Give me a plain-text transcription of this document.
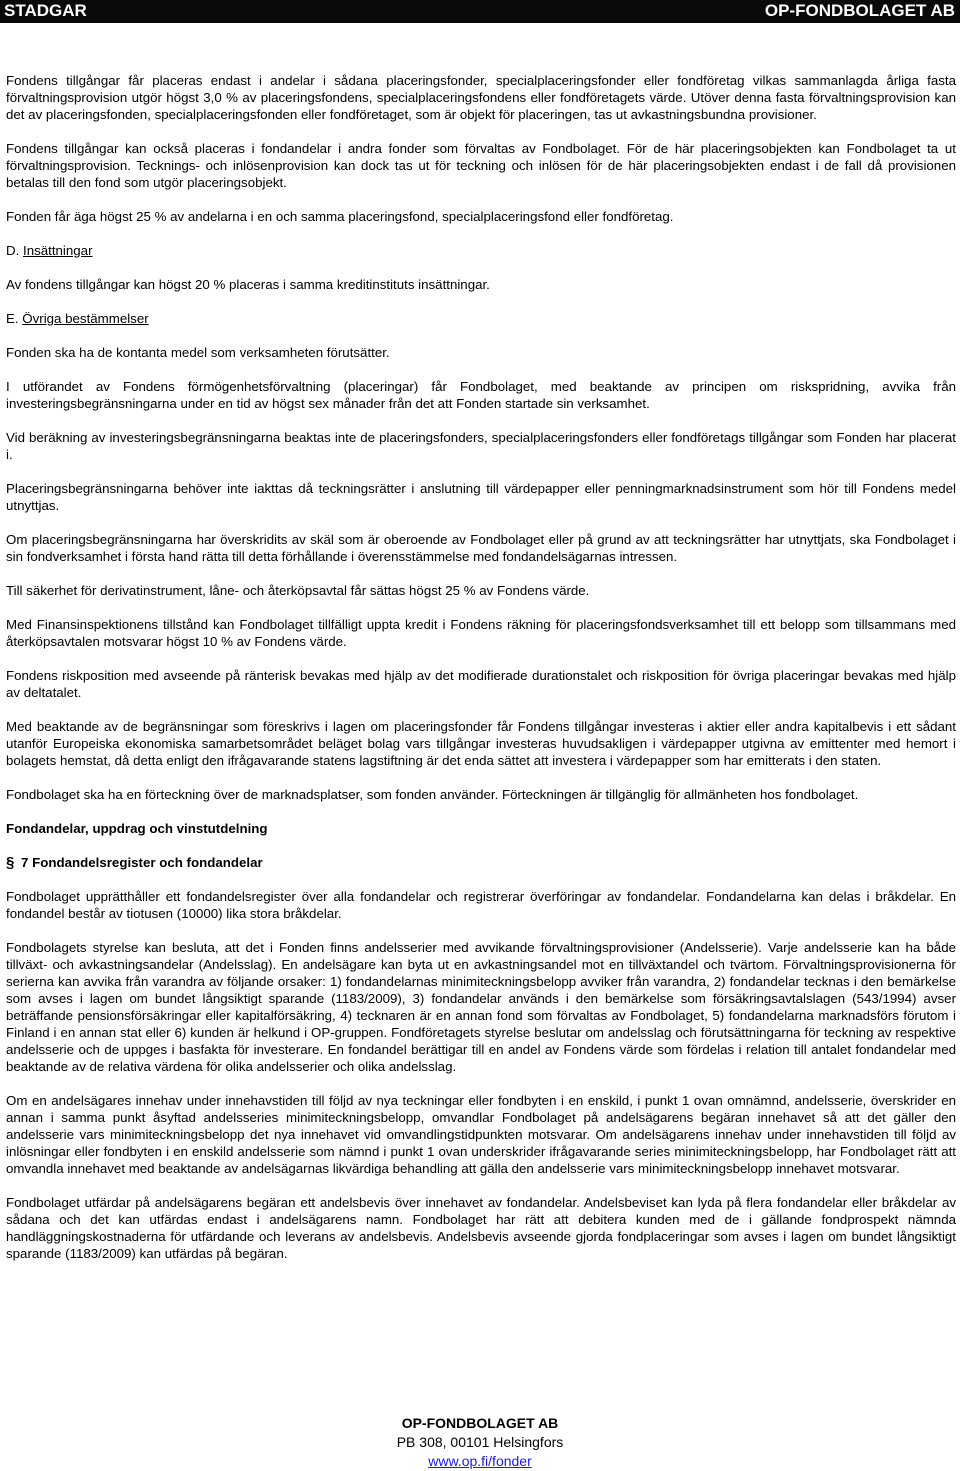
STADGAR	OP-FONDBOLAGET AB

Fondens tillgångar får placeras endast i andelar i sådana placeringsfonder, specialplaceringsfonder eller fondföretag vilkas sammanlagda årliga fasta förvaltningsprovision utgör högst 3,0 % av placeringsfondens, specialplaceringsfondens eller fondföretagets värde. Utöver denna fasta förvaltningsprovision kan det av placeringsfonden, specialplaceringsfonden eller fondföretaget, som är objekt för placeringen, tas ut avkastningsbundna provisioner.

Fondens tillgångar kan också placeras i fondandelar i andra fonder som förvaltas av Fondbolaget. För de här placeringsobjekten kan Fondbolaget ta ut förvaltningsprovision. Tecknings- och inlösenprovision kan dock tas ut för teckning och inlösen för de här placeringsobjekten endast i de fall då provisionen betalas till den fond som utgör placeringsobjekt.

Fonden får äga högst 25 % av andelarna i en och samma placeringsfond, specialplaceringsfond eller fondföretag.

D. Insättningar

Av fondens tillgångar kan högst 20 % placeras i samma kreditinstituts insättningar.

E. Övriga bestämmelser

Fonden ska ha de kontanta medel som verksamheten förutsätter.

I utförandet av Fondens förmögenhetsförvaltning (placeringar) får Fondbolaget, med beaktande av principen om riskspridning, avvika från investeringsbegränsningarna under en tid av högst sex månader från det att Fonden startade sin verksamhet.

Vid beräkning av investeringsbegränsningarna beaktas inte de placeringsfonders, specialplaceringsfonders eller fondföretags tillgångar som Fonden har placerat i.

Placeringsbegränsningarna behöver inte iakttas då teckningsrätter i anslutning till värdepapper eller penningmarknadsinstrument som hör till Fondens medel utnyttjas.

Om placeringsbegränsningarna har överskridits av skäl som är oberoende av Fondbolaget eller på grund av att teckningsrätter har utnyttjats, ska Fondbolaget i sin fondverksamhet i första hand rätta till detta förhållande i överensstämmelse med fondandelsägarnas intressen.

Till säkerhet för derivatinstrument, låne- och återköpsavtal får sättas högst 25 % av Fondens värde.

Med Finansinspektionens tillstånd kan Fondbolaget tillfälligt uppta kredit i Fondens räkning för placeringsfondsverksamhet till ett belopp som tillsammans med återköpsavtalen motsvarar högst 10 % av Fondens värde.

Fondens riskposition med avseende på ränterisk bevakas med hjälp av det modifierade durationstalet och riskposition för övriga placeringar bevakas med hjälp av deltatalet.

Med beaktande av de begränsningar som föreskrivs i lagen om placeringsfonder får Fondens tillgångar investeras i aktier eller andra kapitalbevis i ett sådant utanför Europeiska ekonomiska samarbetsområdet beläget bolag vars tillgångar investeras huvudsakligen i värdepapper utgivna av emittenter med hemort i bolagets hemstat, då detta enligt den ifrågavarande statens lagstiftning är det enda sättet att investera i värdepapper som har emitterats i den staten.

Fondbolaget ska ha en förteckning över de marknadsplatser, som fonden använder. Förteckningen är tillgänglig för allmänheten hos fondbolaget.

Fondandelar, uppdrag och vinstutdelning

§ 7 Fondandelsregister och fondandelar

Fondbolaget upprätthåller ett fondandelsregister över alla fondandelar och registrerar överföringar av fondandelar. Fondandelarna kan delas i bråkdelar. En fondandel består av tiotusen (10000) lika stora bråkdelar.

Fondbolagets styrelse kan besluta, att det i Fonden finns andelsserier med avvikande förvaltningsprovisioner (Andelsserie). Varje andelsserie kan ha både tillväxt- och avkastningsandelar (Andelsslag). En andelsägare kan byta ut en avkastningsandel mot en tillväxtandel och tvärtom. Förvaltningsprovisionerna för serierna kan avvika från varandra av följande orsaker: 1) fondandelarnas minimiteckningsbelopp avviker från varandra, 2) fondandelar tecknas i den bemärkelse som avses i lagen om bundet långsiktigt sparande (1183/2009), 3) fondandelar används i den bemärkelse som försäkringsavtalslagen (543/1994) avser beträffande pensionsförsäkringar eller kapitalförsäkring, 4) tecknaren är en annan fond som förvaltas av Fondbolaget, 5) fondandelarna marknadsförs förutom i Finland i en annan stat eller 6) kunden är helkund i OP-gruppen. Fondföretagets styrelse beslutar om andelsslag och förutsättningarna för teckning av respektive andelsserie och de uppges i basfakta för investerare. En fondandel berättigar till en andel av Fondens värde som fördelas i relation till antalet fondandelar med beaktande av de relativa värdena för olika andelsserier och olika andelsslag.

Om en andelsägares innehav under innehavstiden till följd av nya teckningar eller fondbyten i en enskild, i punkt 1 ovan omnämnd, andelsserie, överskrider en annan i samma punkt åsyftad andelsseries minimiteckningsbelopp, omvandlar Fondbolaget på andelsägarens begäran innehavet så att det gäller den andelsserie vars minimiteckningsbelopp det nya innehavet vid omvandlingstidpunkten motsvarar. Om andelsägarens innehav under innehavstiden till följd av inlösningar eller fondbyten i en enskild andelsserie som nämnd i punkt 1 ovan underskrider ifrågavarande series minimiteckningsbelopp, har Fondbolaget rätt att omvandla innehavet med beaktande av andelsägarnas likvärdiga behandling att gälla den andelsserie vars minimiteckningsbelopp innehavet motsvarar.

Fondbolaget utfärdar på andelsägarens begäran ett andelsbevis över innehavet av fondandelar. Andelsbeviset kan lyda på flera fondandelar eller bråkdelar av sådana och det kan utfärdas endast i andelsägarens namn. Fondbolaget har rätt att debitera kunden med de i gällande fondprospekt nämnda handläggningskostnaderna för utfärdande och leverans av andelsbevis. Andelsbevis avseende gjorda fondplaceringar som avses i lagen om bundet långsiktigt sparande (1183/2009) kan utfärdas på begäran.

OP-FONDBOLAGET AB
PB 308, 00101 Helsingfors
www.op.fi/fonder
